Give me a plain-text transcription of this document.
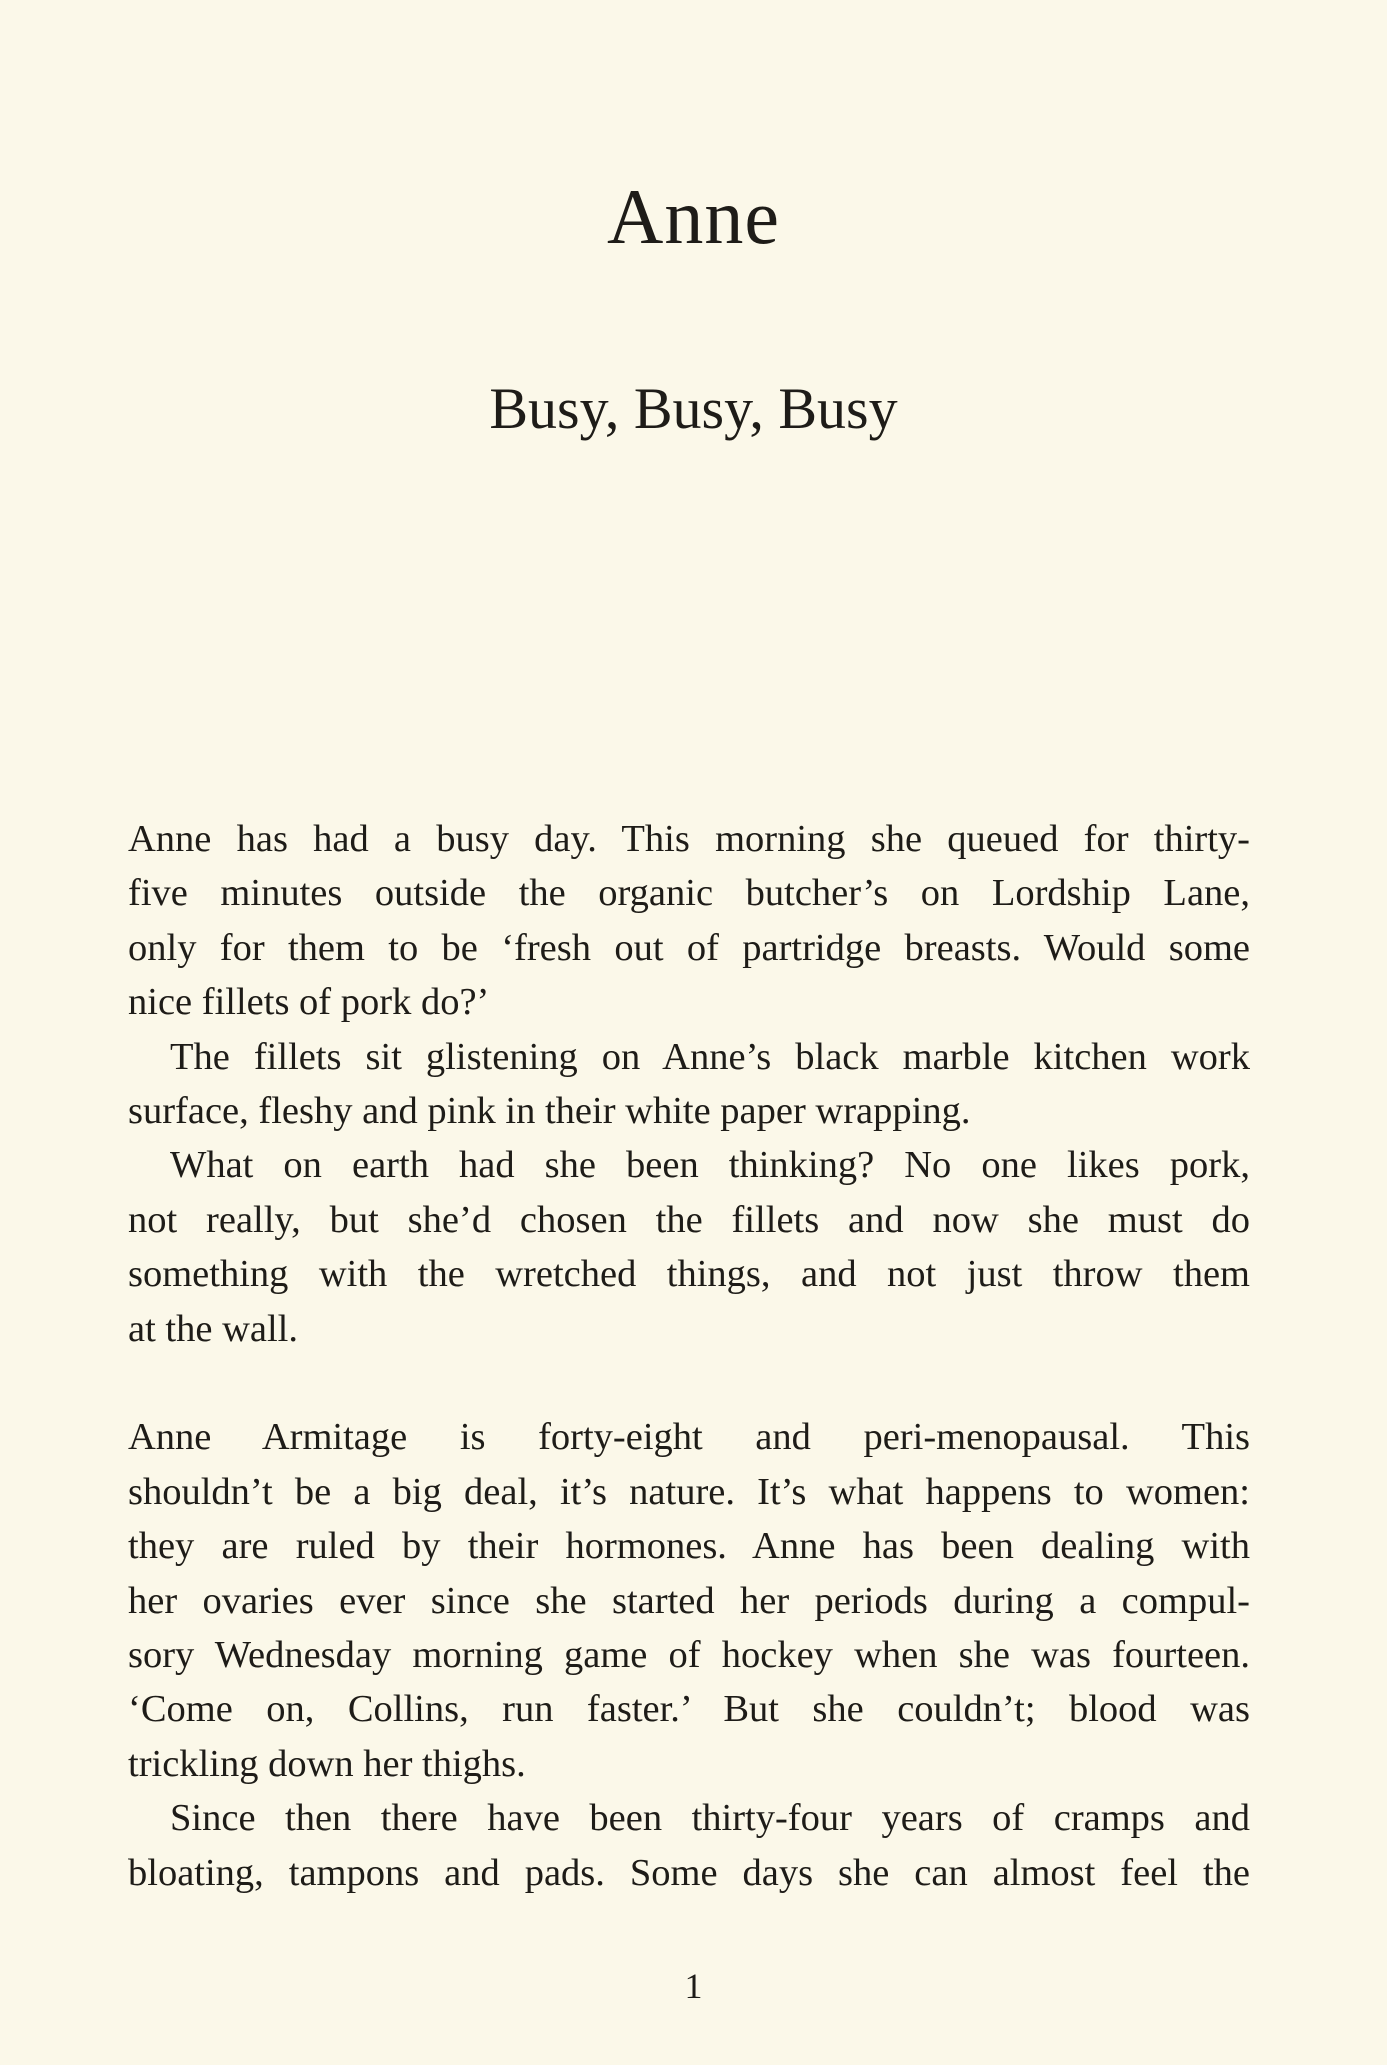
Anne
Busy, Busy, Busy

Anne has had a busy day. This morning she queued for thirty-
five minutes outside the organic butcher’s on Lordship Lane,
only for them to be ‘fresh out of partridge breasts. Would some
nice fillets of pork do?’

The fillets sit glistening on Anne’s black marble kitchen work
surface, fleshy and pink in their white paper wrapping.

What on earth had she been thinking? No one likes pork,
not really, but she’d chosen the fillets and now she must do
something with the wretched things, and not just throw them
at the wall.

Anne Armitage is forty-eight and peri-menopausal. This
shouldn’t be a big deal, it’s nature. It’s what happens to women:
they are ruled by their hormones. Anne has been dealing with
her ovaries ever since she started her periods during a compul-
sory Wednesday morning game of hockey when she was fourteen.
‘Come on, Collins, run faster.’ But she couldn’t; blood was
trickling down her thighs.

Since then there have been thirty-four years of cramps and
bloating, tampons and pads. Some days she can almost feel the

1
